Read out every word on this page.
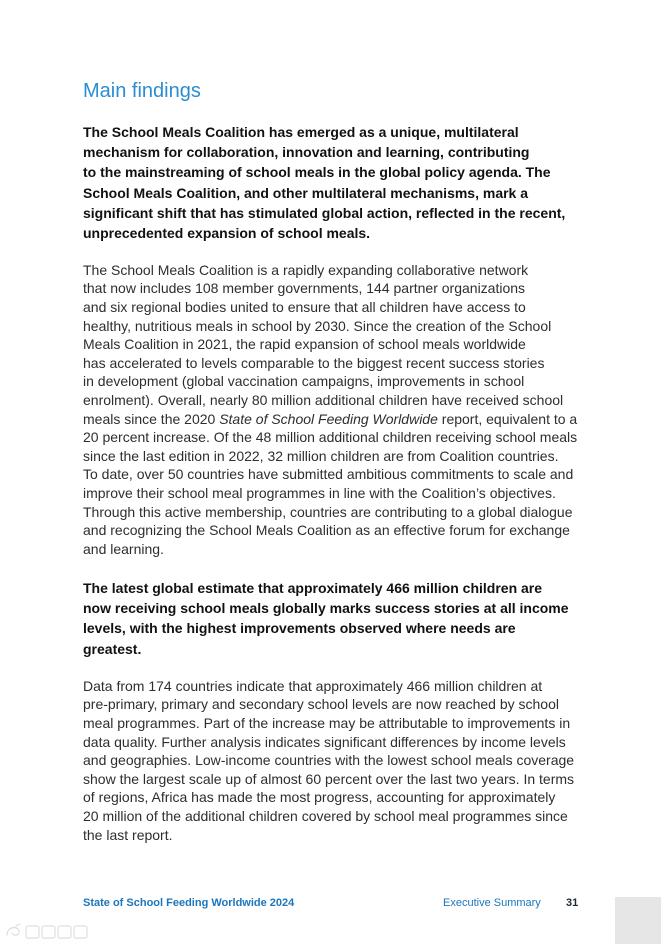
Main findings
The School Meals Coalition has emerged as a unique, multilateral
mechanism for collaboration, innovation and learning, contributing
to the mainstreaming of school meals in the global policy agenda. The
School Meals Coalition, and other multilateral mechanisms, mark a
significant shift that has stimulated global action, reflected in the recent,
unprecedented expansion of school meals.
The School Meals Coalition is a rapidly expanding collaborative network
that now includes 108 member governments, 144 partner organizations
and six regional bodies united to ensure that all children have access to
healthy, nutritious meals in school by 2030. Since the creation of the School
Meals Coalition in 2021, the rapid expansion of school meals worldwide
has accelerated to levels comparable to the biggest recent success stories
in development (global vaccination campaigns, improvements in school
enrolment). Overall, nearly 80 million additional children have received school
meals since the 2020 State of School Feeding Worldwide report, equivalent to a
20 percent increase. Of the 48 million additional children receiving school meals
since the last edition in 2022, 32 million children are from Coalition countries.
To date, over 50 countries have submitted ambitious commitments to scale and
improve their school meal programmes in line with the Coalition’s objectives.
Through this active membership, countries are contributing to a global dialogue
and recognizing the School Meals Coalition as an effective forum for exchange
and learning.
The latest global estimate that approximately 466 million children are
now receiving school meals globally marks success stories at all income
levels, with the highest improvements observed where needs are
greatest.
Data from 174 countries indicate that approximately 466 million children at
pre-primary, primary and secondary school levels are now reached by school
meal programmes. Part of the increase may be attributable to improvements in
data quality. Further analysis indicates significant differences by income levels
and geographies. Low-income countries with the lowest school meals coverage
show the largest scale up of almost 60 percent over the last two years. In terms
of regions, Africa has made the most progress, accounting for approximately
20 million of the additional children covered by school meal programmes since
the last report.
State of School Feeding Worldwide 2024	Executive Summary 31
